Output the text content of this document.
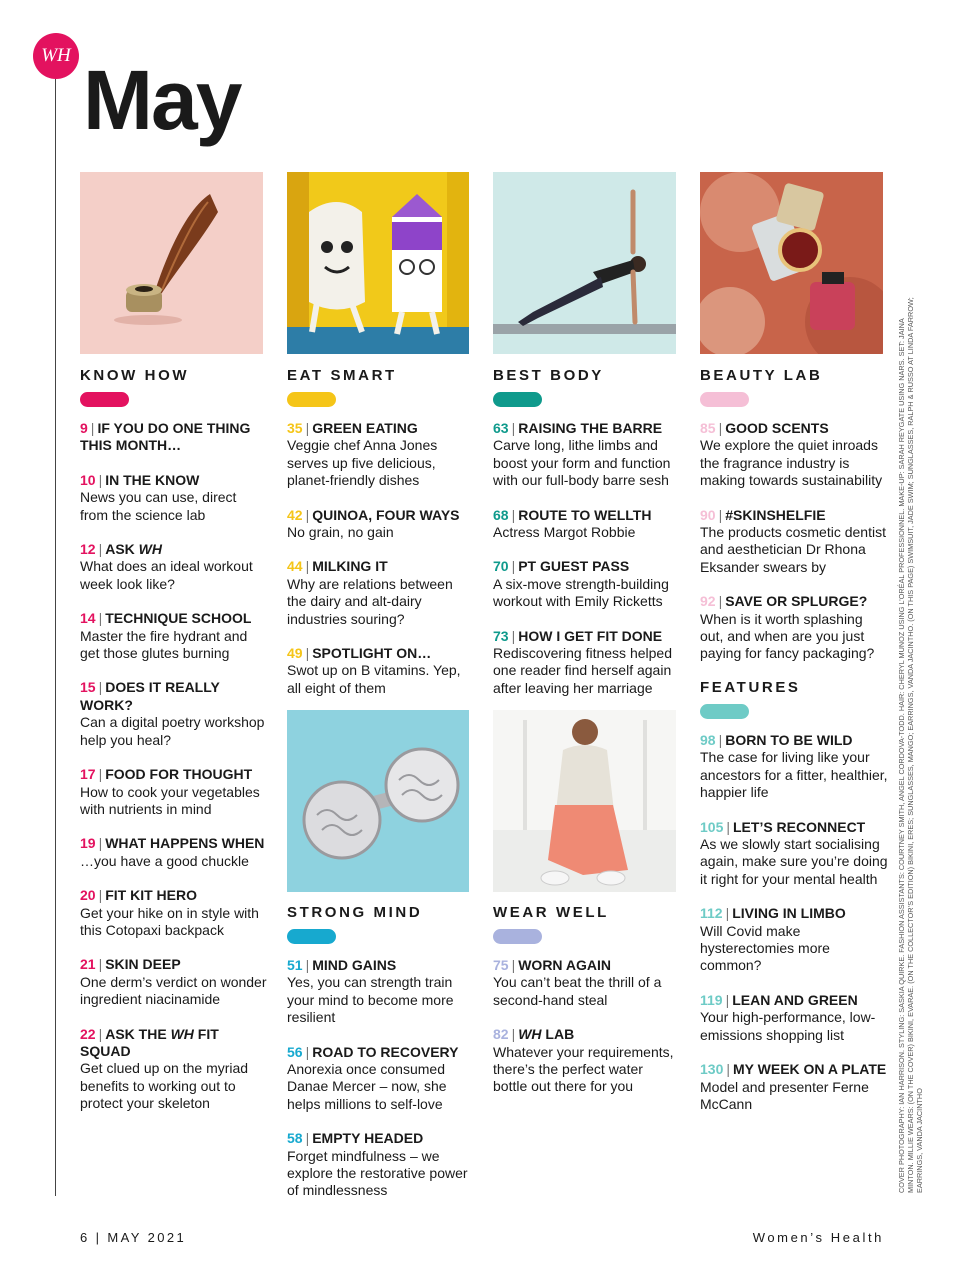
WH May
KNOW HOW
9 | IF YOU DO ONE THING THIS MONTH…
10 | IN THE KNOW
News you can use, direct from the science lab
12 | ASK WH
What does an ideal workout week look like?
14 | TECHNIQUE SCHOOL
Master the fire hydrant and get those glutes burning
15 | DOES IT REALLY WORK?
Can a digital poetry workshop help you heal?
17 | FOOD FOR THOUGHT
How to cook your vegetables with nutrients in mind
19 | WHAT HAPPENS WHEN
…you have a good chuckle
20 | FIT KIT HERO
Get your hike on in style with this Cotopaxi backpack
21 | SKIN DEEP
One derm’s verdict on wonder ingredient niacinamide
22 | ASK THE WH FIT SQUAD
Get clued up on the myriad benefits to working out to protect your skeleton
EAT SMART
35 | GREEN EATING
Veggie chef Anna Jones serves up five delicious, planet-friendly dishes
42 | QUINOA, FOUR WAYS
No grain, no gain
44 | MILKING IT
Why are relations between the dairy and alt-dairy industries souring?
49 | SPOTLIGHT ON…
Swot up on B vitamins. Yep, all eight of them
STRONG MIND
51 | MIND GAINS
Yes, you can strength train your mind to become more resilient
56 | ROAD TO RECOVERY
Anorexia once consumed Danae Mercer – now, she helps millions to self-love
58 | EMPTY HEADED
Forget mindfulness – we explore the restorative power of mindlessness
BEST BODY
63 | RAISING THE BARRE
Carve long, lithe limbs and boost your form and function with our full-body barre sesh
68 | ROUTE TO WELLTH
Actress Margot Robbie
70 | PT GUEST PASS
A six-move strength-building workout with Emily Ricketts
73 | HOW I GET FIT DONE
Rediscovering fitness helped one reader find herself again after leaving her marriage
WEAR WELL
75 | WORN AGAIN
You can’t beat the thrill of a second-hand steal
82 | WH LAB
Whatever your requirements, there’s the perfect water bottle out there for you
BEAUTY LAB
85 | GOOD SCENTS
We explore the quiet inroads the fragrance industry is making towards sustainability
90 | #SKINSHELFIE
The products cosmetic dentist and aesthetician Dr Rhona Eksander swears by
92 | SAVE OR SPLURGE?
When is it worth splashing out, and when are you just paying for fancy packaging?
FEATURES
98 | BORN TO BE WILD
The case for living like your ancestors for a fitter, healthier, happier life
105 | LET’S RECONNECT
As we slowly start socialising again, make sure you’re doing it right for your mental health
112 | LIVING IN LIMBO
Will Covid make hysterectomies more common?
119 | LEAN AND GREEN
Your high-performance, low-emissions shopping list
130 | MY WEEK ON A PLATE
Model and presenter Ferne McCann
6 | MAY 2021	Women’s Health
COVER PHOTOGRAPHY: IAN HARRISON. STYLING: SASKIA QUIRKE. FASHION ASSISTANTS: COURTNEY SMITH, ANGEL CORDOVA-TODD. HAIR: CHERYL MUNOZ USING L’ORÉAL PROFESSIONNEL. MAKE-UP: SARAH REYGATE USING NARS. SET: JAINA MINTON. MILLIE WEARS: (ON THE COVER) BIKINI, EVARAE. (ON THE COLLECTOR’S EDITION) BIKINI, ERES; SUNGLASSES, MANGO; EARRINGS, VANDA JACINTHO. (ON THIS PAGE) SWIMSUIT, JADE SWIM; SUNGLASSES, RALPH & RUSSO AT LINDA FARROW; EARRINGS, VANDA JACINTHO
